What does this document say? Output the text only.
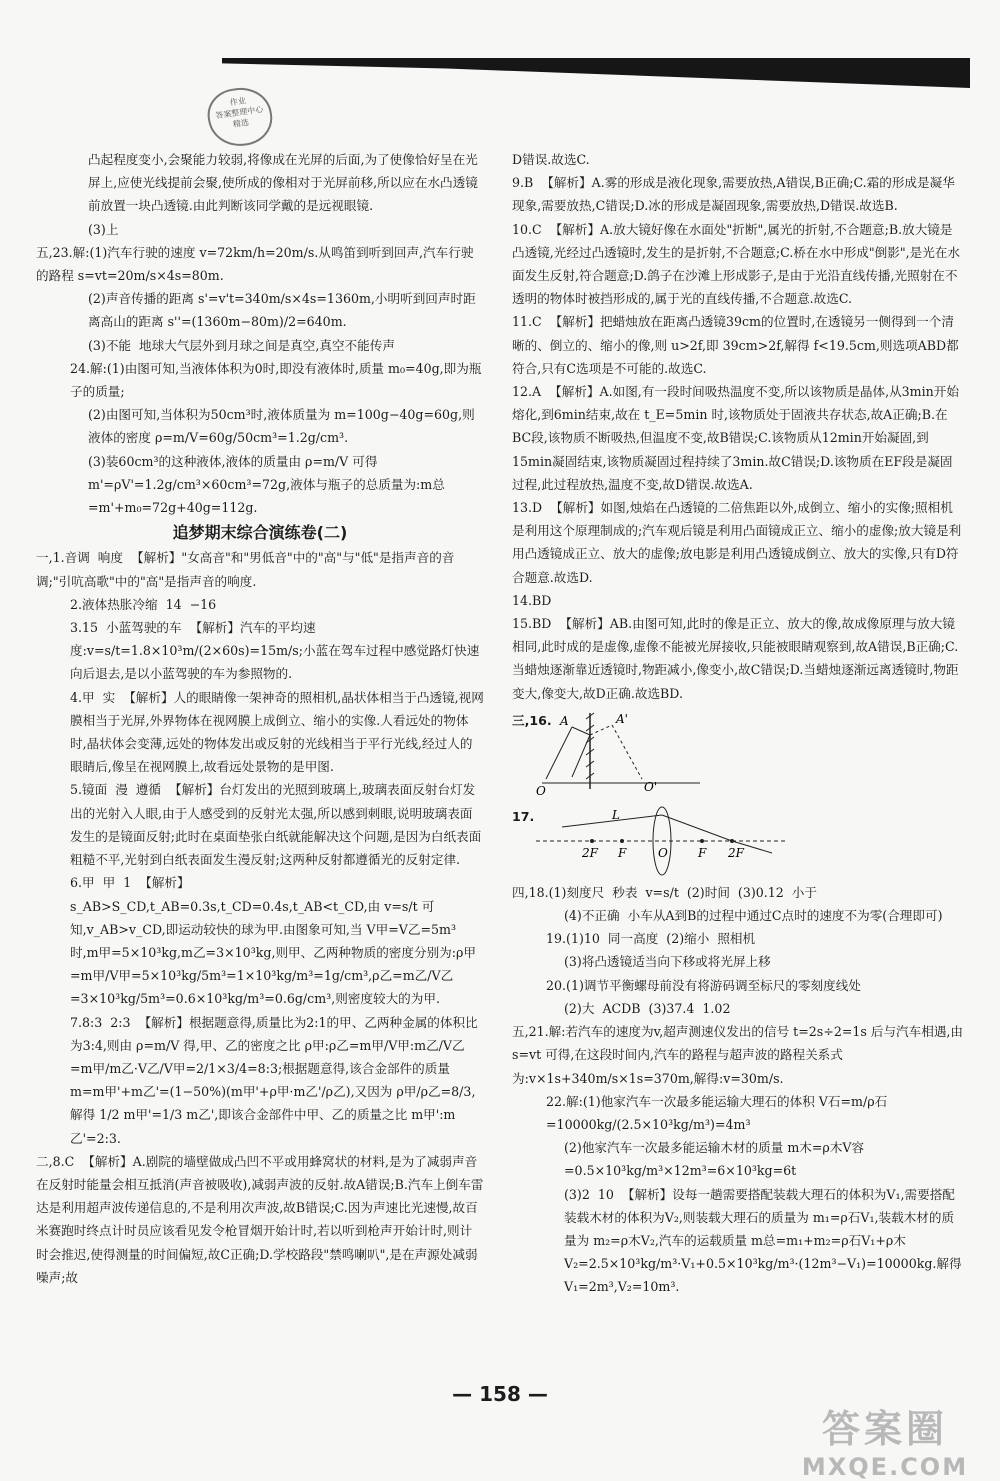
作业
答案整理中心
精选

凸起程度变小,会聚能力较弱,将像成在光屏的后面,为了使像恰好呈在光屏上,应使光线提前会聚,使所成的像相对于光屏前移,所以应在水凸透镜前放置一块凸透镜.由此判断该同学戴的是远视眼镜.

(3)上

五,23.解:(1)汽车行驶的速度 v=72km/h=20m/s.从鸣笛到听到回声,汽车行驶的路程 s=vt=20m/s×4s=80m.

(2)声音传播的距离 s'=v't=340m/s×4s=1360m,小明听到回声时距离高山的距离 s''=(1360m−80m)/2=640m.

(3)不能  地球大气层外到月球之间是真空,真空不能传声

24.解:(1)由图可知,当液体体积为0时,即没有液体时,质量 m₀=40g,即为瓶子的质量;

(2)由图可知,当体积为50cm³时,液体质量为 m=100g−40g=60g,则液体的密度 ρ=m/V=60g/50cm³=1.2g/cm³.

(3)装60cm³的这种液体,液体的质量由 ρ=m/V 可得 m'=ρV'=1.2g/cm³×60cm³=72g,液体与瓶子的总质量为:m总=m'+m₀=72g+40g=112g.

追梦期末综合演练卷(二)

一,1.音调  响度  【解析】"女高音"和"男低音"中的"高"与"低"是指声音的音调;"引吭高歌"中的"高"是指声音的响度.

2.液体热胀冷缩  14  −16

3.15  小蓝驾驶的车  【解析】汽车的平均速度:v=s/t=1.8×10³m/(2×60s)=15m/s;小蓝在驾车过程中感觉路灯快速向后退去,是以小蓝驾驶的车为参照物的.

4.甲  实  【解析】人的眼睛像一架神奇的照相机,晶状体相当于凸透镜,视网膜相当于光屏,外界物体在视网膜上成倒立、缩小的实像.人看远处的物体时,晶状体会变薄,远处的物体发出或反射的光线相当于平行光线,经过人的眼睛后,像呈在视网膜上,故看远处景物的是甲图.

5.镜面  漫  遵循  【解析】台灯发出的光照到玻璃上,玻璃表面反射台灯发出的光射入人眼,由于人感受到的反射光太强,所以感到刺眼,说明玻璃表面发生的是镜面反射;此时在桌面垫张白纸就能解决这个问题,是因为白纸表面粗糙不平,光射到白纸表面发生漫反射;这两种反射都遵循光的反射定律.

6.甲  甲  1  【解析】s_AB>S_CD,t_AB=0.3s,t_CD=0.4s,t_AB<t_CD,由 v=s/t 可知,v_AB>v_CD,即运动较快的球为甲.由图象可知,当 V甲=V乙=5m³ 时,m甲=5×10³kg,m乙=3×10³kg,则甲、乙两种物质的密度分别为:ρ甲=m甲/V甲=5×10³kg/5m³=1×10³kg/m³=1g/cm³,ρ乙=m乙/V乙=3×10³kg/5m³=0.6×10³kg/m³=0.6g/cm³,则密度较大的为甲.

7.8:3  2:3  【解析】根据题意得,质量比为2:1的甲、乙两种金属的体积比为3:4,则由 ρ=m/V 得,甲、乙的密度之比 ρ甲:ρ乙=m甲/V甲:m乙/V乙=m甲/m乙·V乙/V甲=2/1×3/4=8:3;根据题意得,该合金部件的质量 m=m甲'+m乙'=(1−50%)(m甲'+ρ甲·m乙'/ρ乙),又因为 ρ甲/ρ乙=8/3,解得 1/2 m甲'=1/3 m乙',即该合金部件中甲、乙的质量之比 m甲':m乙'=2:3.

二,8.C  【解析】A.剧院的墙壁做成凸凹不平或用蜂窝状的材料,是为了减弱声音在反射时能量会相互抵消(声音被吸收),减弱声波的反射.故A错误;B.汽车上倒车雷达是利用超声波传递信息的,不是利用次声波,故B错误;C.因为声速比光速慢,故百米赛跑时终点计时员应该看见发令枪冒烟开始计时,若以听到枪声开始计时,则计时会推迟,使得测量的时间偏短,故C正确;D.学校路段"禁鸣喇叭",是在声源处减弱噪声;故

D错误.故选C.

9.B  【解析】A.雾的形成是液化现象,需要放热,A错误,B正确;C.霜的形成是凝华现象,需要放热,C错误;D.冰的形成是凝固现象,需要放热,D错误.故选B.

10.C  【解析】A.放大镜好像在水面处"折断",属光的折射,不合题意;B.放大镜是凸透镜,光经过凸透镜时,发生的是折射,不合题意;C.桥在水中形成"倒影",是光在水面发生反射,符合题意;D.鸽子在沙滩上形成影子,是由于光沿直线传播,光照射在不透明的物体时被挡形成的,属于光的直线传播,不合题意.故选C.

11.C  【解析】把蜡烛放在距离凸透镜39cm的位置时,在透镜另一侧得到一个清晰的、倒立的、缩小的像,则 u>2f,即 39cm>2f,解得 f<19.5cm,则选项ABD都符合,只有C选项是不可能的.故选C.

12.A  【解析】A.如图,有一段时间吸热温度不变,所以该物质是晶体,从3min开始熔化,到6min结束,故在 t_E=5min 时,该物质处于固液共存状态,故A正确;B.在BC段,该物质不断吸热,但温度不变,故B错误;C.该物质从12min开始凝固,到15min凝固结束,该物质凝固过程持续了3min.故C错误;D.该物质在EF段是凝固过程,此过程放热,温度不变,故D错误.故选A.

13.D  【解析】如图,烛焰在凸透镜的二倍焦距以外,成倒立、缩小的实像;照相机是利用这个原理制成的;汽车观后镜是利用凸面镜成正立、缩小的虚像;放大镜是利用凸透镜成正立、放大的虚像;放电影是利用凸透镜成倒立、放大的实像,只有D符合题意.故选D.

14.BD

15.BD  【解析】AB.由图可知,此时的像是正立、放大的像,故成像原理与放大镜相同,此时成的是虚像,虚像不能被光屏接收,只能被眼睛观察到,故A错误,B正确;C.当蜡烛逐渐靠近透镜时,物距减小,像变小,故C错误;D.当蜡烛逐渐远离透镜时,物距变大,像变大,故D正确.故选BD.

三,16. A	A'
O	O'
17.	L
2F F	O	F 2F

四,18.(1)刻度尺  秒表  v=s/t  (2)时间  (3)0.12  小于

(4)不正确  小车从A到B的过程中通过C点时的速度不为零(合理即可)

19.(1)10  同一高度  (2)缩小  照相机

(3)将凸透镜适当向下移或将光屏上移

20.(1)调节平衡螺母前没有将游码调至标尺的零刻度线处

(2)大  ACDB  (3)37.4  1.02

五,21.解:若汽车的速度为v,超声测速仪发出的信号 t=2s÷2=1s 后与汽车相遇,由 s=vt 可得,在这段时间内,汽车的路程与超声波的路程关系式为:v×1s+340m/s×1s=370m,解得:v=30m/s.

22.解:(1)他家汽车一次最多能运输大理石的体积 V石=m/ρ石=10000kg/(2.5×10³kg/m³)=4m³

(2)他家汽车一次最多能运输木材的质量 m木=ρ木V容=0.5×10³kg/m³×12m³=6×10³kg=6t

(3)2  10  【解析】设每一趟需要搭配装载大理石的体积为V₁,需要搭配装载木材的体积为V₂,则装载大理石的质量为 m₁=ρ石V₁,装载木材的质量为 m₂=ρ木V₂,汽车的运载质量 m总=m₁+m₂=ρ石V₁+ρ木V₂=2.5×10³kg/m³·V₁+0.5×10³kg/m³·(12m³−V₁)=10000kg.解得 V₁=2m³,V₂=10m³.

— 158 —
答案圈
MXQE.COM
